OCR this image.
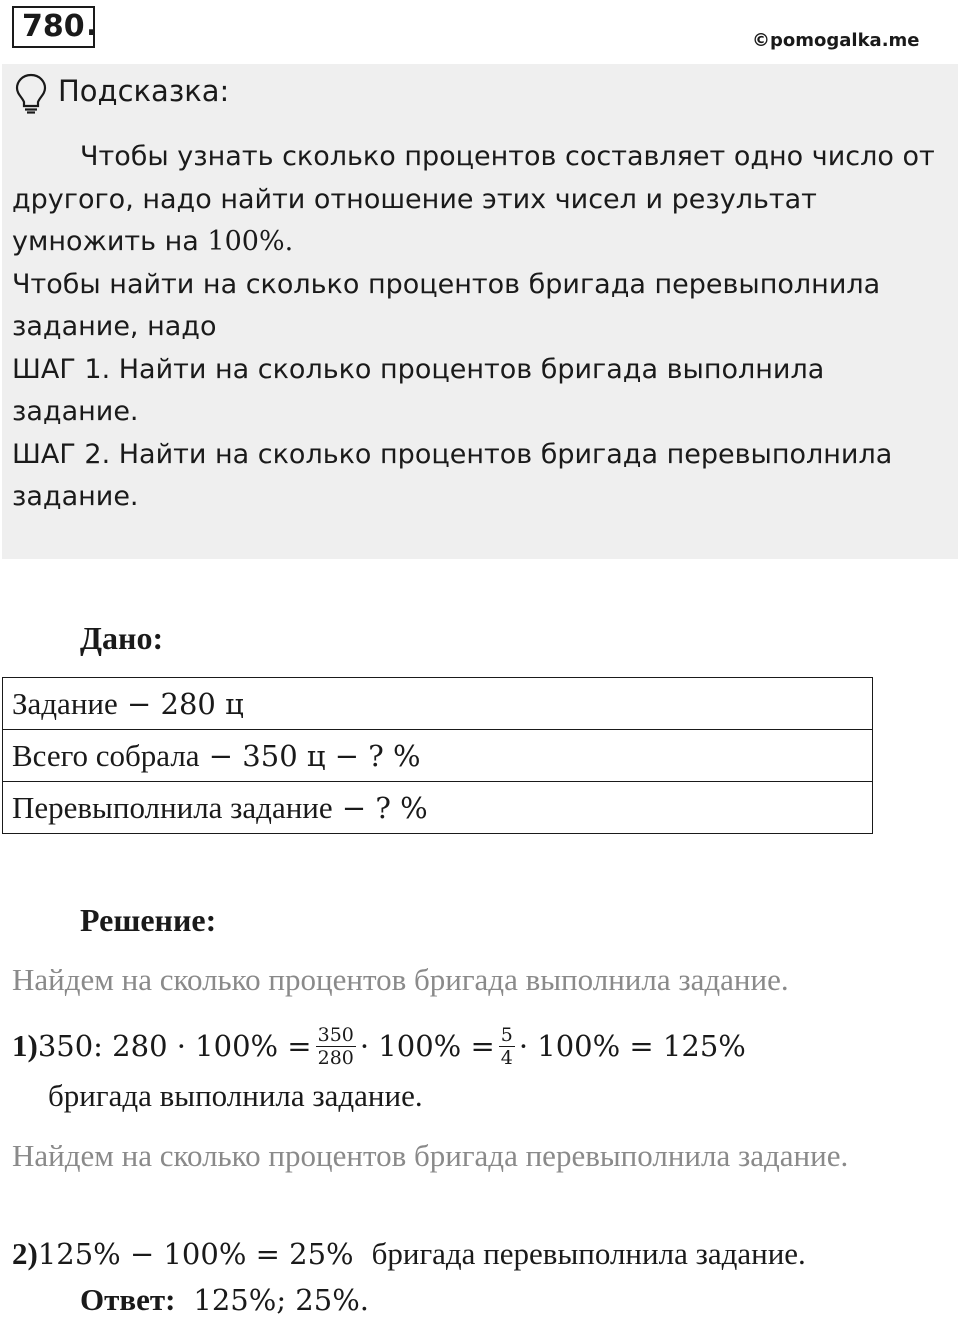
780 .	©pomogalka.me
Подсказка:

Чтобы узнать сколько процентов составляет одно число от другого, надо найти отношение этих чисел и результат умножить на 100%.

Чтобы найти на сколько процентов бригада перевыполнила задание, надо

ШАГ 1. Найти на сколько процентов бригада выполнила задание.

ШАГ 2. Найти на сколько процентов бригада перевыполнила задание.

Дано:
Задание − 280 ц
Всего собрала − 350 ц − ? %
Перевыполнила задание − ? %
Решение:
Найдем на сколько процентов бригада выполнила задание.
1) 350: $280 \cdot 100\% = \frac{350}{280} \cdot 100\% = \frac{5}{4} \cdot 100\% = 125\%$
бригада выполнила задание.
Найдем на сколько процентов бригада перевыполнила задание.
2) 125% − 100% = 25% бригада перевыполнила задание.
Ответ: 125%; 25%.
